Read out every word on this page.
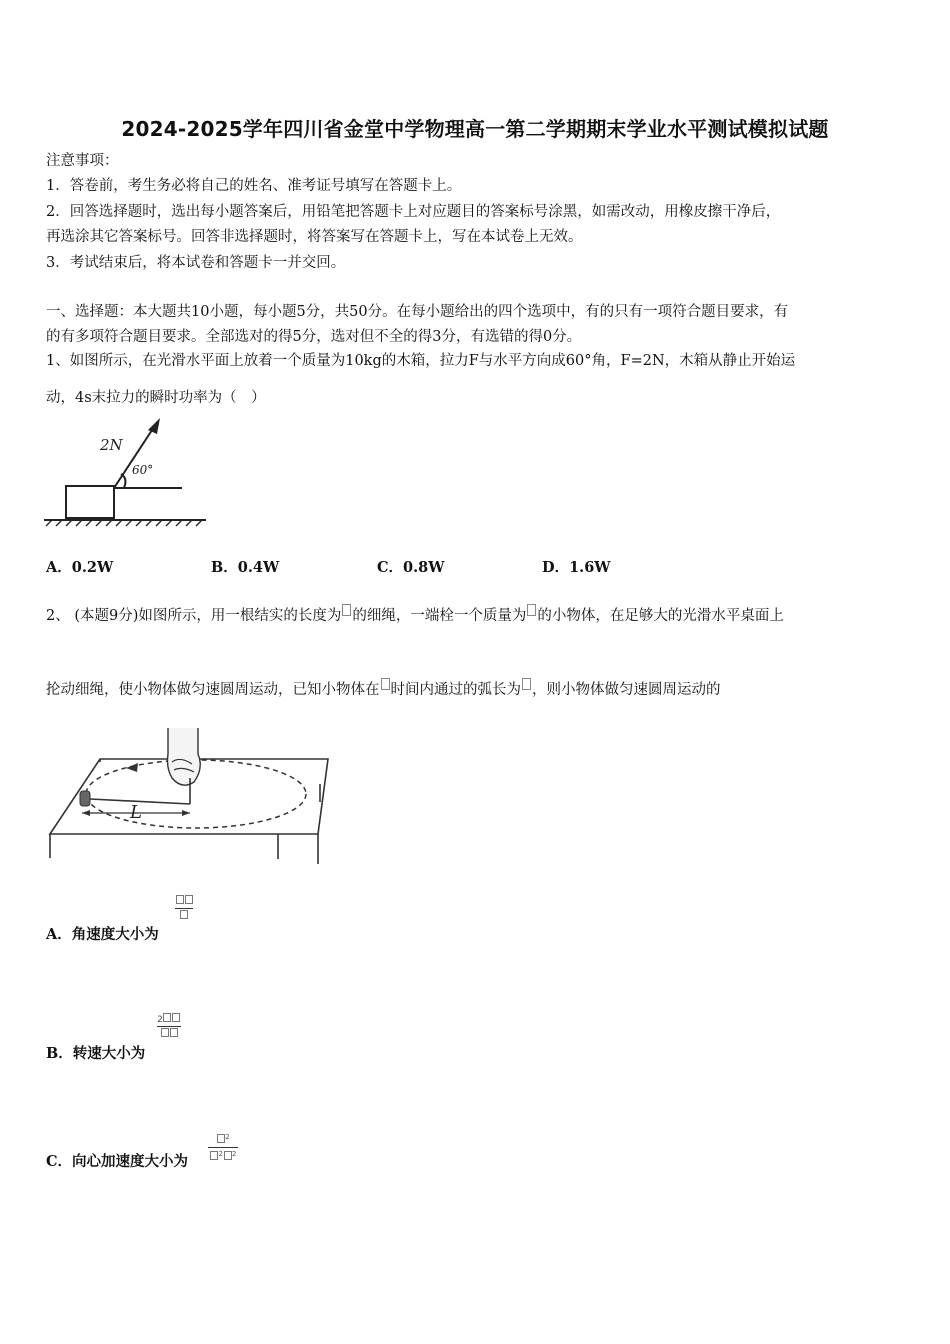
2024-2025学年四川省金堂中学物理高一第二学期期末学业水平测试模拟试题
注意事项：
1．答卷前，考生务必将自己的姓名、准考证号填写在答题卡上。
2．回答选择题时，选出每小题答案后，用铅笔把答题卡上对应题目的答案标号涂黑，如需改动，用橡皮擦干净后，
再选涂其它答案标号。回答非选择题时，将答案写在答题卡上，写在本试卷上无效。
3．考试结束后，将本试卷和答题卡一并交回。
一、选择题：本大题共10小题，每小题5分，共50分。在每小题给出的四个选项中，有的只有一项符合题目要求，有
的有多项符合题目要求。全部选对的得5分，选对但不全的得3分，有选错的得0分。
1、如图所示，在光滑水平面上放着一个质量为10kg的木箱，拉力F与水平方向成60°角，F=2N，木箱从静止开始运
动，4s末拉力的瞬时功率为（　）
2N
60°
A．0.2W	B．0.4W	C．0.8W	D．1.6W
2、 (本题9分)如图所示，用一根结实的长度为 的细绳，一端栓一个质量为 的小物体，在足够大的光滑水平桌面上
抡动细绳，使小物体做匀速圆周运动，已知小物体在 时间内通过的弧长为 ，则小物体做匀速圆周运动的
L
A．角速度大小为
B．转速大小为
2
C．向心加速度大小为
$^2$
$^2$ $^2$
